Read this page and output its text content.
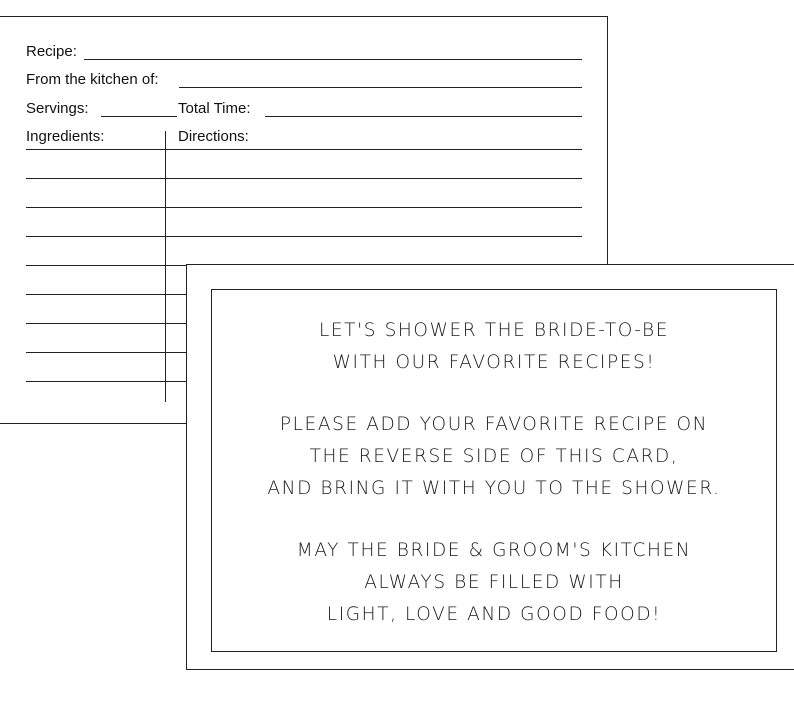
Recipe:
From the kitchen of:
Servings:	Total Time:
Ingredients:	Directions:
LET'S SHOWER THE BRIDE-TO-BE
WITH OUR FAVORITE RECIPES!
PLEASE ADD YOUR FAVORITE RECIPE ON
THE REVERSE SIDE OF THIS CARD,
AND BRING IT WITH YOU TO THE SHOWER.
MAY THE BRIDE & GROOM'S KITCHEN
ALWAYS BE FILLED WITH
LIGHT, LOVE AND GOOD FOOD!
